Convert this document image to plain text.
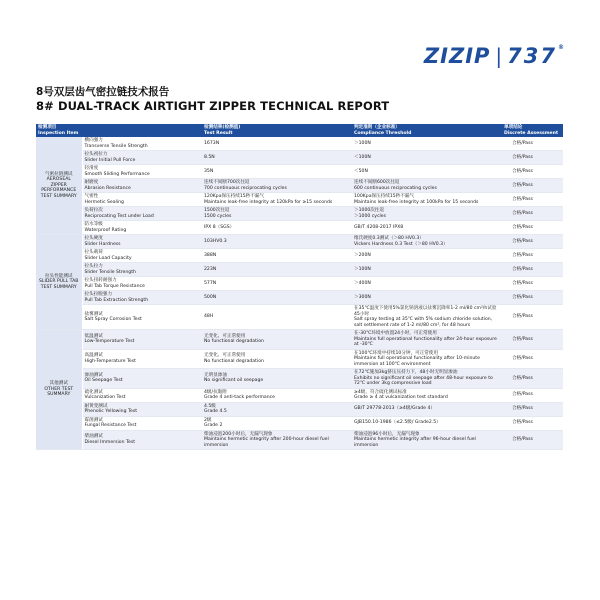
ZIZIP | 737 ®
8号双层齿气密拉链技术报告
8# DUAL-TRACK AIRTIGHT ZIPPER TECHNICAL REPORT
检测项目
Inspection Item		检测结果(检测值)
Test Result	判定准则（企业标准）
Compliance Threshold	单项结论
Discrete Assessment

气密拉链测试
AEROSEAL ZIPPER PERFORMANCE TEST SUMMARY	横向强力
Transverse Tensile Strength	1673N	＞100N	合格/Pass

	拉头初拉力
Slider Initial Pull Force	8.5N	＜100N	合格/Pass

	轻滑度
Smooth Sliding Performance	35N	＜50N	合格/Pass

	耐磨度
Abrasion Resistance	连续不间断700次往返
700 continuous reciprocating cycles	连续不间断600次往返
600 continuous reciprocating cycles	合格/Pass

	气密性
Hermetic Sealing	120Kpa保压持续15秒不漏气
Maintains leak-free integrity at 120kPa for ≥15 seconds	100Kpa保压持续15秒不漏气
Maintains leak-free integrity at 100kPa for 15 seconds	合格/Pass

	负荷拉次
Reciprocating Test under Load	1500次往返
1500 cycles	＞1000次往返
＞1000 cycles	合格/Pass

	防水等级
Waterproof Rating	IPX 8（SGS）	GB/T 4208-2017 IPX8	合格/Pass

拉头性能测试
SLIDER PULL TAB TEST SUMMARY	拉头硬度
Slider Hardness	103HV0.3	维氏硬度0.3测试（＞80 HV0.3）
Vickers Hardness 0.3 Test（＞80 HV0.3）	合格/Pass

	拉头载荷
Slider Load Capacity	388N	＞200N	合格/Pass

	拉头拉力
Slider Tensile Strength	223N	＞100N	合格/Pass

	拉头扭转耐强力
Pull Tab Torque Resistance	577N	＞400N	合格/Pass

	拉头拉脱强力
Pull Tab Extraction Strength	500N	＞300N	合格/Pass

	盐雾测试
Salt Spray Corrosion Test	48H	在35℃温度下使用5%氯化钠溶液以盐雾沉降率1-2 ml/80 cm²/h试验45小时
Salt spray testing at 35℃ with 5% sodium chloride solution, salt settlement rate of 1-2 ml/80 cm², for 48 hours	合格/Pass

其他测试
OTHER TEST SUMMARY	低温测试
Low-Temperature Test	无变化、可正常使用
No functional degradation	在-30℃环境中放置24小时，可正常使用
Maintains full operational functionality after 24-hour exposure at -30℃	合格/Pass

	高温测试
High-Temperature Test	无变化、可正常使用
No functional degradation	在100℃环境中持续10分钟，可正常使用
Maintains full operational functionality after 10-minute immersion at 100℃ environment	合格/Pass

	渗油测试
Oil Seepage Test	无明显渗油
No significant oil seepage	在72℃施加3kg挤压压持力下，48小时无明显渗油
Exhibits no significant oil seepage after 48-hour exposure to 72℃ under 3kg compressive load	合格/Pass

	硫化测试
Vulcanization Test	4级/抗黏附
Grade 4 anti-tack performance	≥4级，符合硫化测试标准
Grade ≥ 4 at vulcanization test standard	合格/Pass

	耐黄变测试
Phenolic Yellowing Test	4.5级
Grade 4.5	GB/T 29778-2013（≥4级/Grade 4）	合格/Pass

	霉菌测试
Fungal Resistance Test	2级
Grade 2	GJB150.10-1986（≤2.5级/ Grade2.5）	合格/Pass

	柴油测试
Diesel Immersion Test	柴油浸泡200小时后，无漏气现象
Maintains hermetic integrity after 200-hour diesel fuel immersion	柴油浸泡96小时后，无漏气现象
Maintains hermetic integrity after 96-hour diesel fuel immersion	合格/Pass
